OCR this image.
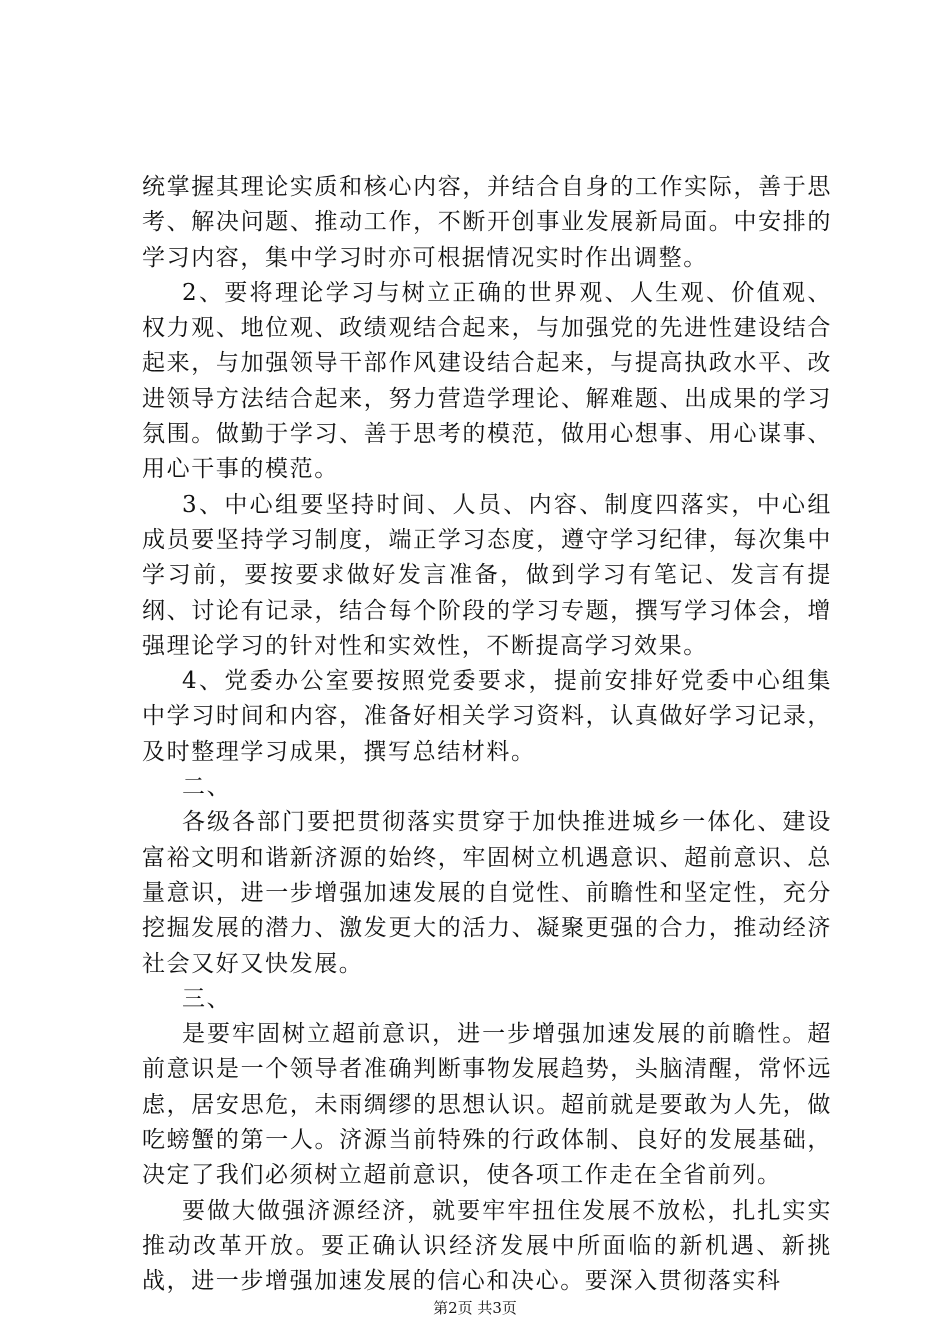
统掌握其理论实质和核心内容，并结合自身的工作实际，善于思考、解决问题、推动工作，不断开创事业发展新局面。中安排的学习内容，集中学习时亦可根据情况实时作出调整。

2、要将理论学习与树立正确的世界观、人生观、价值观、权力观、地位观、政绩观结合起来，与加强党的先进性建设结合起来，与加强领导干部作风建设结合起来，与提高执政水平、改进领导方法结合起来，努力营造学理论、解难题、出成果的学习氛围。做勤于学习、善于思考的模范，做用心想事、用心谋事、用心干事的模范。

3、中心组要坚持时间、人员、内容、制度四落实，中心组成员要坚持学习制度，端正学习态度，遵守学习纪律，每次集中学习前，要按要求做好发言准备，做到学习有笔记、发言有提纲、讨论有记录，结合每个阶段的学习专题，撰写学习体会，增强理论学习的针对性和实效性，不断提高学习效果。

4、党委办公室要按照党委要求，提前安排好党委中心组集中学习时间和内容，准备好相关学习资料，认真做好学习记录，及时整理学习成果，撰写总结材料。

二、

各级各部门要把贯彻落实贯穿于加快推进城乡一体化、建设富裕文明和谐新济源的始终，牢固树立机遇意识、超前意识、总量意识，进一步增强加速发展的自觉性、前瞻性和坚定性，充分挖掘发展的潜力、激发更大的活力、凝聚更强的合力，推动经济社会又好又快发展。

三、

是要牢固树立超前意识，进一步增强加速发展的前瞻性。超前意识是一个领导者准确判断事物发展趋势，头脑清醒，常怀远虑，居安思危，未雨绸缪的思想认识。超前就是要敢为人先，做吃螃蟹的第一人。济源当前特殊的行政体制、良好的发展基础，决定了我们必须树立超前意识，使各项工作走在全省前列。

要做大做强济源经济，就要牢牢扭住发展不放松，扎扎实实推动改革开放。要正确认识经济发展中所面临的新机遇、新挑战，进一步增强加速发展的信心和决心。要深入贯彻落实科

第2页 共3页
